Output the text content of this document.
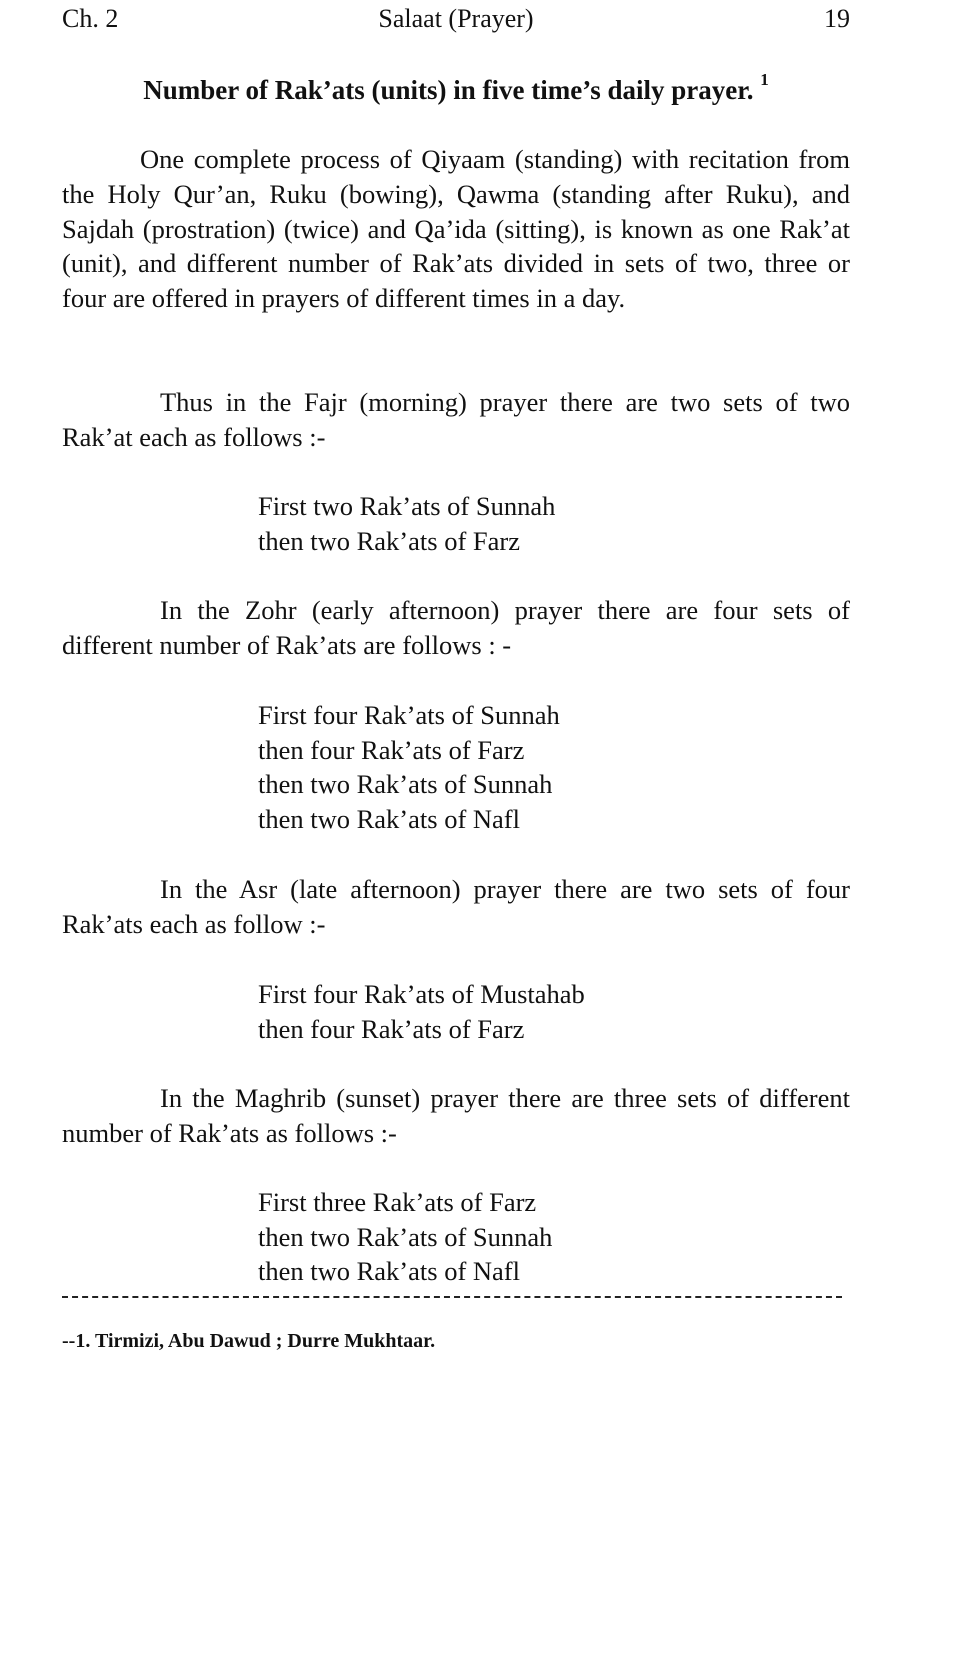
Ch. 2	Salaat (Prayer)	19
Number of Rak’ats (units) in five time’s daily prayer. $^1$

One complete process of Qiyaam (standing) with recitation from the Holy Qur’an, Ruku (bowing), Qawma (standing after Ruku), and Sajdah (prostration) (twice) and Qa’ida (sitting), is known as one Rak’at (unit), and different number of Rak’ats divided in sets of two, three or four are offered in prayers of different times in a day.

Thus in the Fajr (morning) prayer there are two sets of two Rak’at each as follows :-

First two Rak’ats of Sunnah
then two Rak’ats of Farz

In the Zohr (early afternoon) prayer there are four sets of different number of Rak’ats are follows : -

First four Rak’ats of Sunnah
then four Rak’ats of Farz
then two Rak’ats of Sunnah
then two Rak’ats of Nafl

In the Asr (late afternoon) prayer there are two sets of four Rak’ats each as follow :-

First four Rak’ats of Mustahab
then four Rak’ats of Farz

In the Maghrib (sunset) prayer there are three sets of different number of Rak’ats as follows :-

First three Rak’ats of Farz
then two Rak’ats of Sunnah
then two Rak’ats of Nafl
--1. Tirmizi, Abu Dawud ; Durre Mukhtaar.
